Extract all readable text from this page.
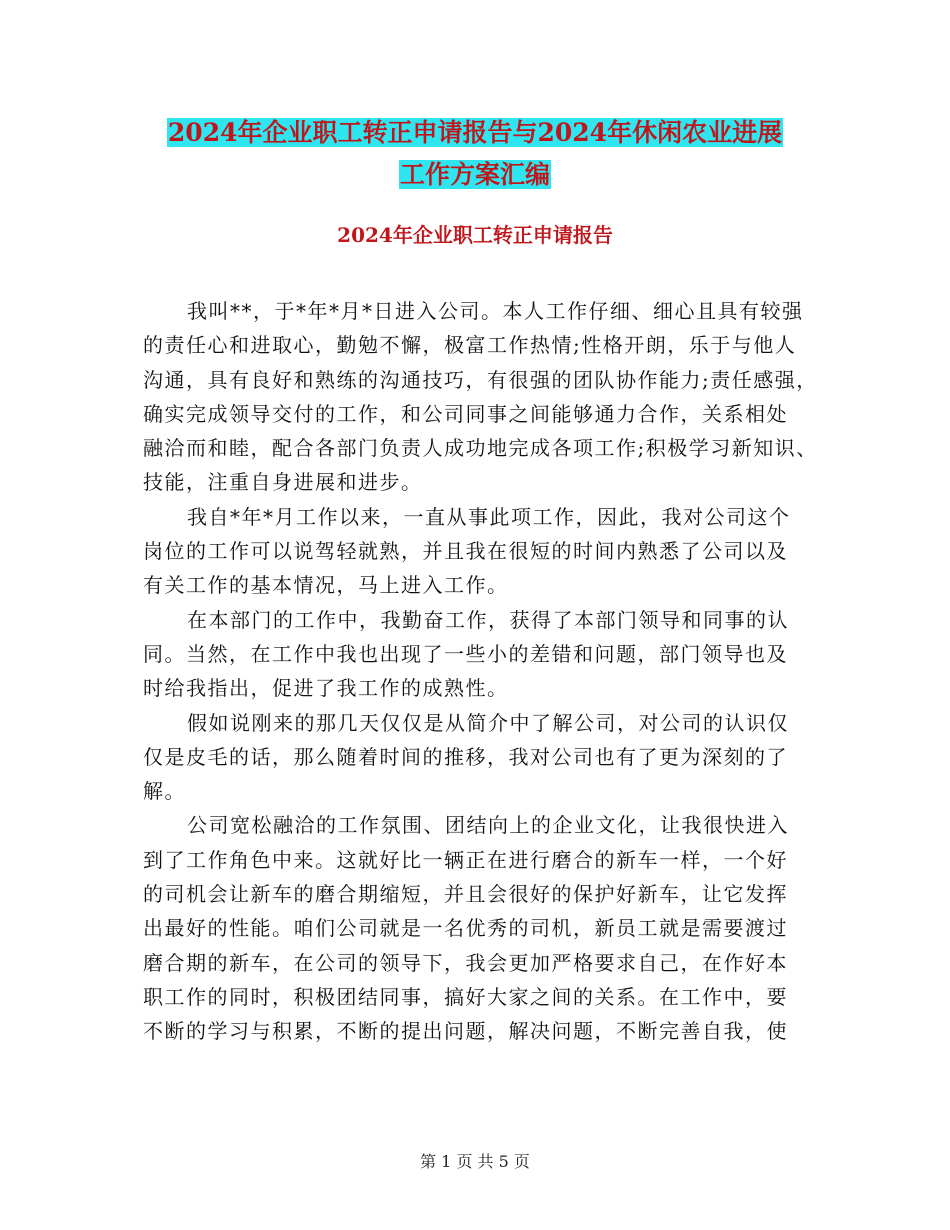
2024年企业职工转正申请报告与2024年休闲农业进展
工作方案汇编
2024年企业职工转正申请报告
我叫**，于*年*月*日进入公司。本人工作仔细、细心且具有较强
的责任心和进取心，勤勉不懈，极富工作热情;性格开朗，乐于与他人
沟通，具有良好和熟练的沟通技巧，有很强的团队协作能力;责任感强，
确实完成领导交付的工作，和公司同事之间能够通力合作，关系相处
融洽而和睦，配合各部门负责人成功地完成各项工作;积极学习新知识、
技能，注重自身进展和进步。
我自*年*月工作以来，一直从事此项工作，因此，我对公司这个
岗位的工作可以说驾轻就熟，并且我在很短的时间内熟悉了公司以及
有关工作的基本情况，马上进入工作。
在本部门的工作中，我勤奋工作，获得了本部门领导和同事的认
同。当然，在工作中我也出现了一些小的差错和问题，部门领导也及
时给我指出，促进了我工作的成熟性。
假如说刚来的那几天仅仅是从简介中了解公司，对公司的认识仅
仅是皮毛的话，那么随着时间的推移，我对公司也有了更为深刻的了
解。
公司宽松融洽的工作氛围、团结向上的企业文化，让我很快进入
到了工作角色中来。这就好比一辆正在进行磨合的新车一样，一个好
的司机会让新车的磨合期缩短，并且会很好的保护好新车，让它发挥
出最好的性能。咱们公司就是一名优秀的司机，新员工就是需要渡过
磨合期的新车，在公司的领导下，我会更加严格要求自己，在作好本
职工作的同时，积极团结同事，搞好大家之间的关系。在工作中，要
不断的学习与积累，不断的提出问题，解决问题，不断完善自我，使
第 1 页 共 5 页
